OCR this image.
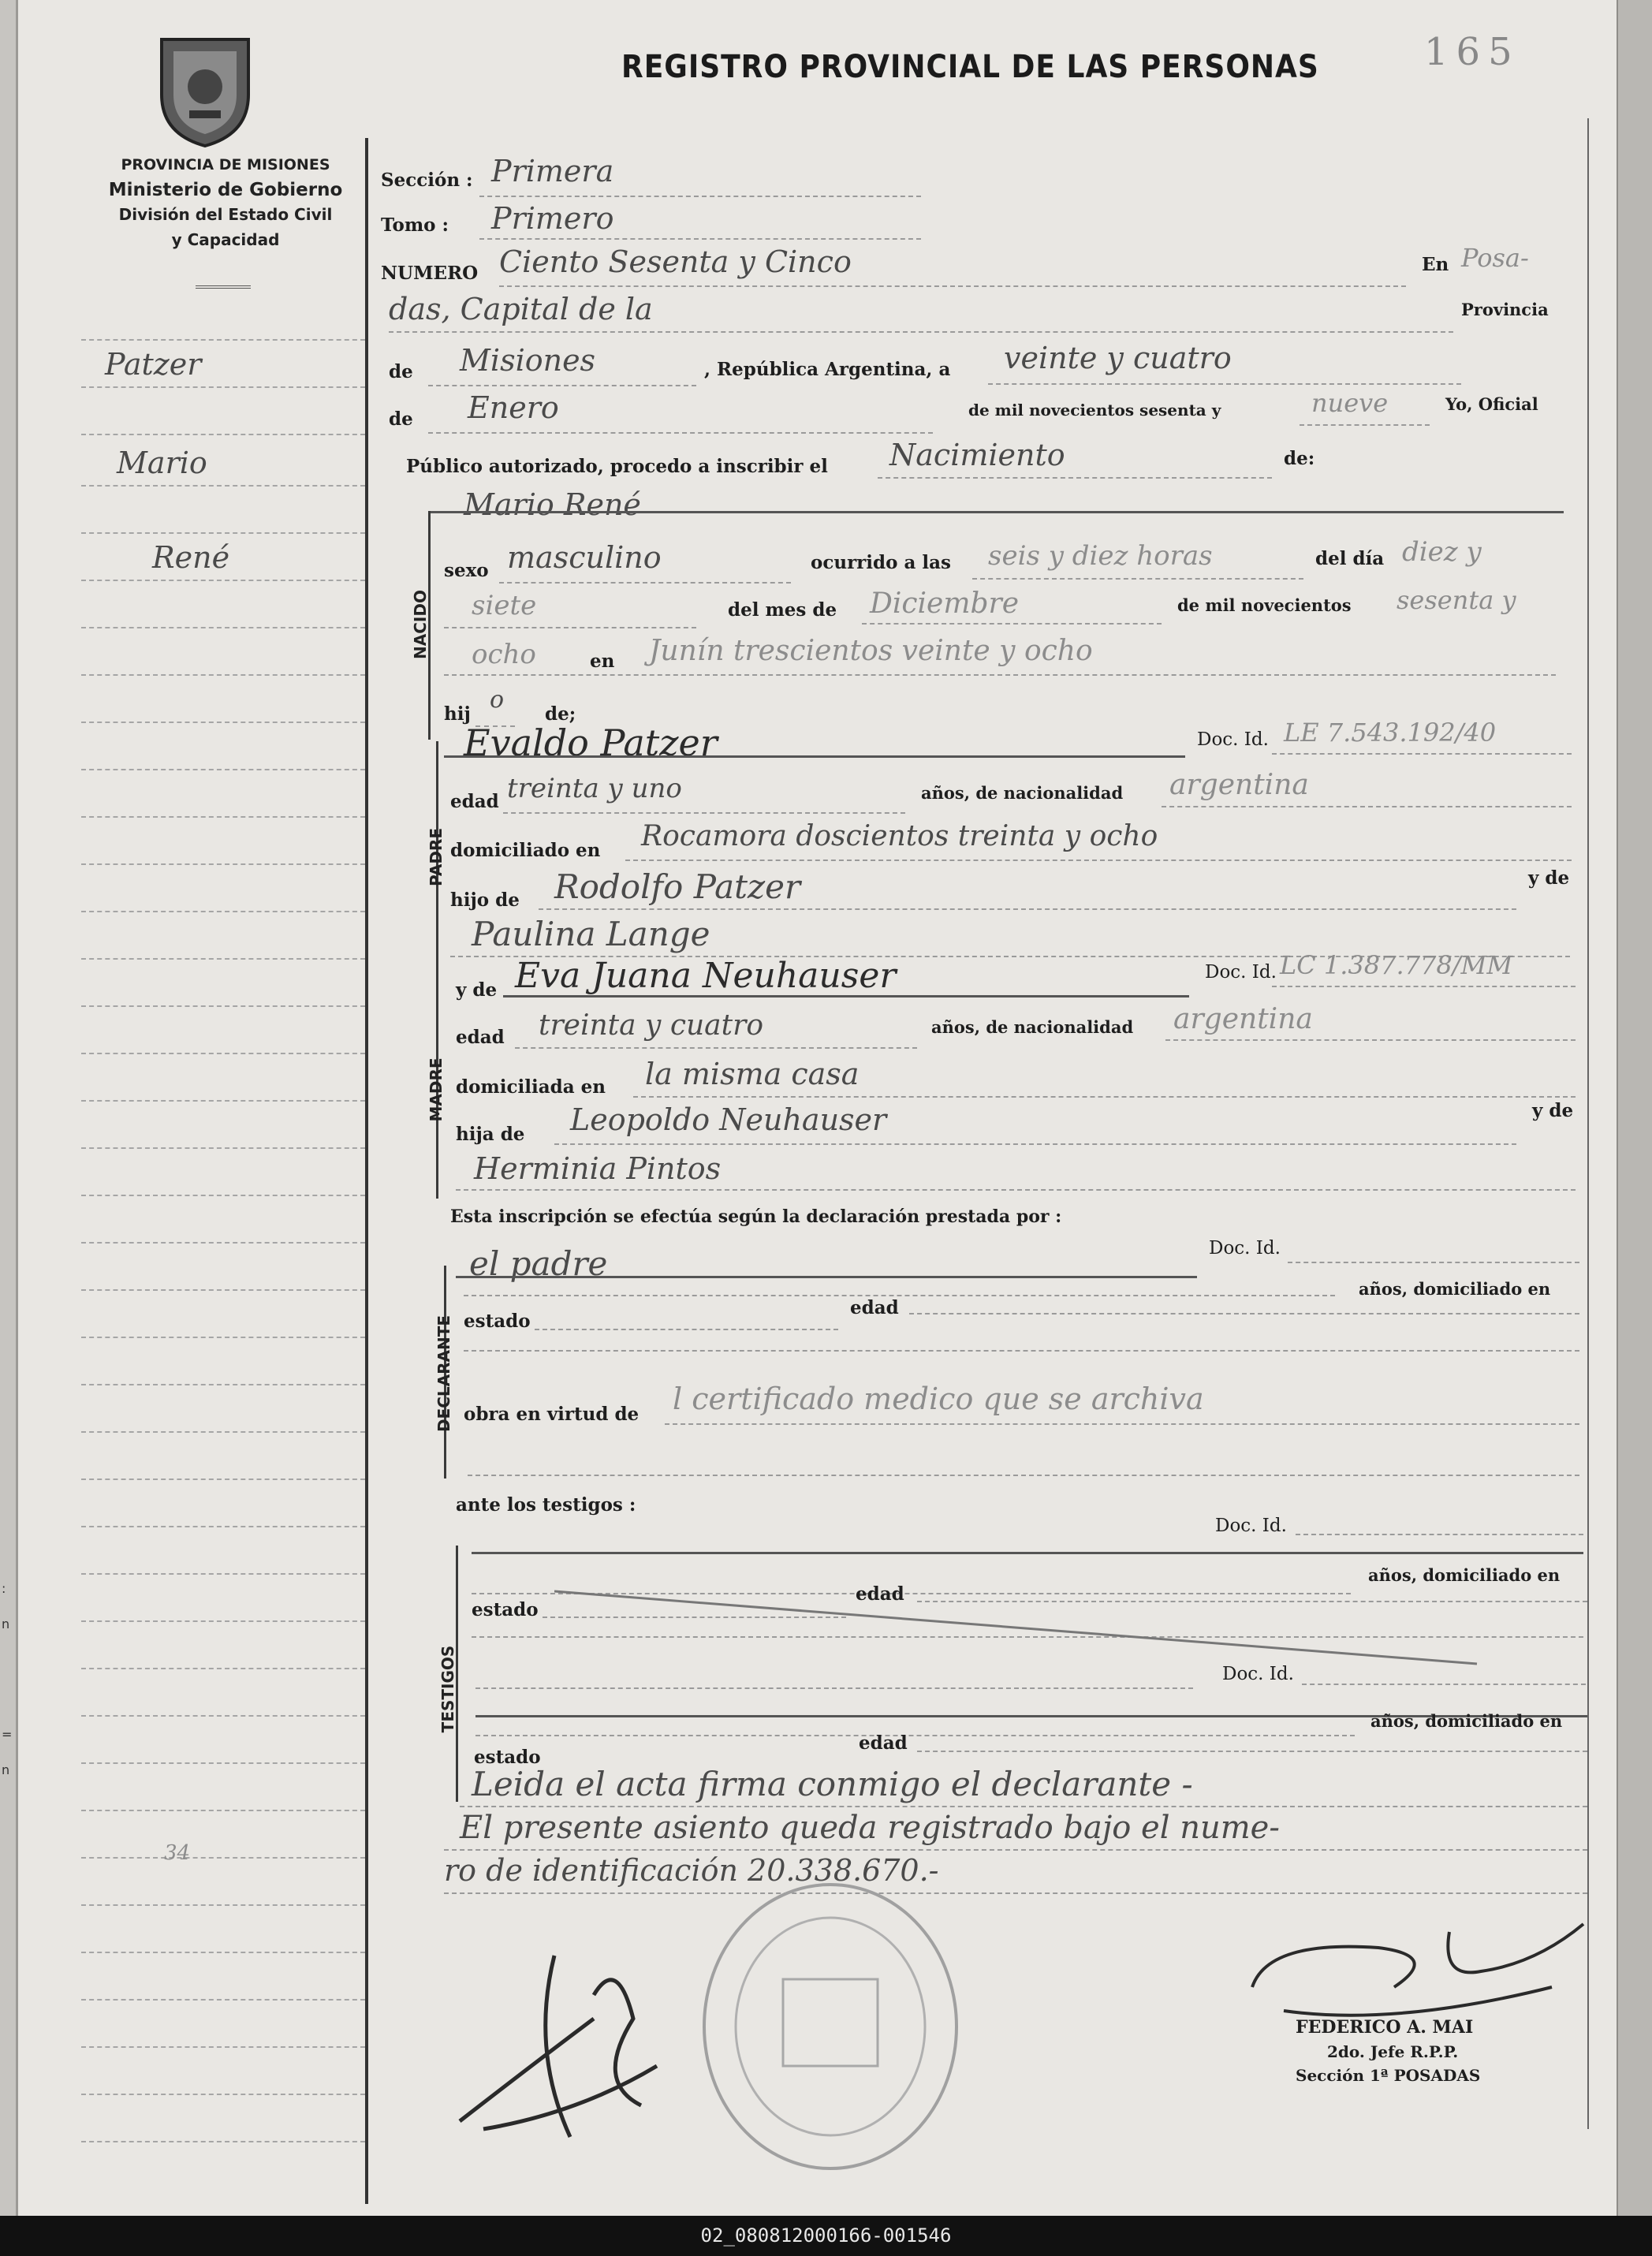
:
n
=
n
PROVINCIA DE MISIONES
Ministerio de Gobierno
División del Estado Civil
y Capacidad
REGISTRO PROVINCIAL DE LAS PERSONAS	165
Patzer
Mario
René
34
Sección : Primera
Tomo : Primero
NUMERO Ciento Sesenta y Cinco	En Posa-
das, Capital de la	Provincia
de Misiones	, República Argentina, a veinte y cuatro
de Enero	de mil novecientos sesenta y	nueve	Yo, Oficial
Público autorizado, procedo a inscribir el Nacimiento	de:
Mario René
NACIDO
sexo masculino	ocurrido a las seis y diez horas	del día diez y
siete	del mes de Diciembre	de mil novecientos sesenta y
ocho	en Junín trescientos veinte y ocho
hij
o
de;
PADRE
Evaldo Patzer	Doc. Id. LE 7.543.192/40
edad treinta y uno	años, de nacionalidad argentina
domiciliado en Rocamora doscientos treinta y ocho
hijo de Rodolfo Patzer	y de
Paulina Lange
MADRE
y de Eva Juana Neuhauser	Doc. Id. LC 1.387.778/MM
edad treinta y cuatro	años, de nacionalidad argentina
domiciliada en la misma casa
hija de Leopoldo Neuhauser	y de
Herminia Pintos
Esta inscripción se efectúa según la declaración prestada por :
DECLARANTE
el padre	Doc. Id.
años, domiciliado en
estado
edad
obra en virtud de l certificado medico que se archiva
ante los testigos :
TESTIGOS
Doc. Id.
años, domiciliado en
estado
edad
Doc. Id.
años, domiciliado en
estado
edad
Leida el acta firma conmigo el declarante -
El presente asiento queda registrado bajo el nume-
ro de identificación 20.338.670.-
FEDERICO A. MAI
2do. Jefe R.P.P.
Sección 1ª POSADAS
02_080812000166-001546
